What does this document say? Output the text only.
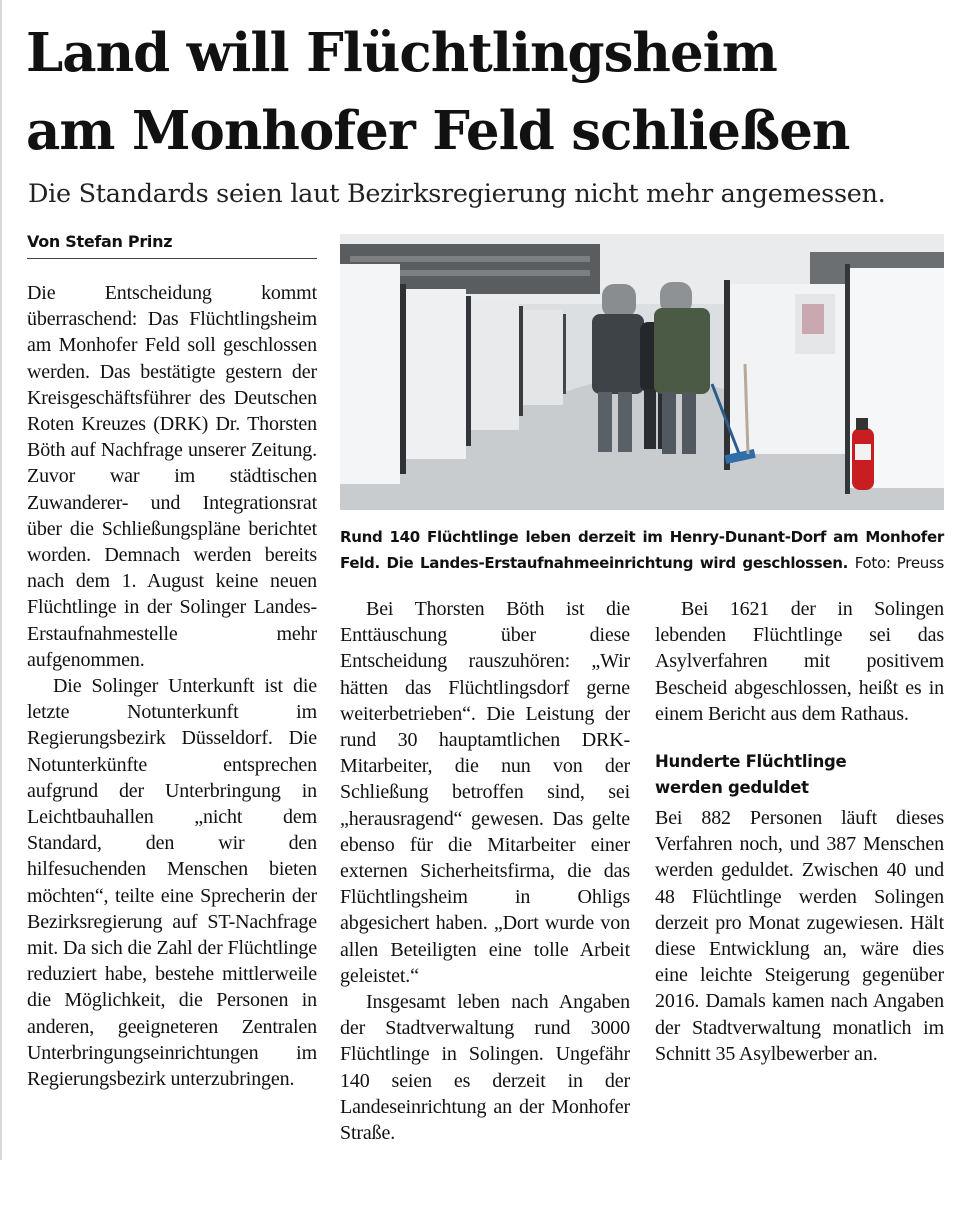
Land will Flüchtlingsheim
am Monhofer Feld schließen

Die Standards seien laut Bezirksregierung nicht mehr angemessen.

Von Stefan Prinz

Die Entscheidung kommt überraschend: Das Flüchtlingsheim am Monhofer Feld soll geschlossen werden. Das bestätigte gestern der Kreisgeschäftsführer des Deutschen Roten Kreuzes (DRK) Dr. Thorsten Böth auf Nachfrage unserer Zeitung. Zuvor war im städtischen Zuwanderer- und Integrationsrat über die Schließungspläne berichtet worden. Demnach werden bereits nach dem 1. August keine neuen Flüchtlinge in der Solinger Landes-Erstaufnahmestelle mehr aufgenommen.

Die Solinger Unterkunft ist die letzte Notunterkunft im Regierungsbezirk Düsseldorf. Die Notunterkünfte entsprechen aufgrund der Unterbringung in Leichtbauhallen „nicht dem Standard, den wir den hilfesuchenden Menschen bieten möchten“, teilte eine Sprecherin der Bezirksregierung auf ST-Nachfrage mit. Da sich die Zahl der Flüchtlinge reduziert habe, bestehe mittlerweile die Möglichkeit, die Personen in anderen, geeigneteren Zentralen Unterbringungseinrichtungen im Regierungsbezirk unterzubringen.

Rund 140 Flüchtlinge leben derzeit im Henry-Dunant-Dorf am Monhofer Feld. Die Landes-Erstaufnahmeeinrichtung wird geschlossen. Foto: Preuss

Bei Thorsten Böth ist die Enttäuschung über diese Entscheidung rauszuhören: „Wir hätten das Flüchtlingsdorf gerne weiterbetrieben“. Die Leistung der rund 30 hauptamtlichen DRK-Mitarbeiter, die nun von der Schließung betroffen sind, sei „herausragend“ gewesen. Das gelte ebenso für die Mitarbeiter einer externen Sicherheitsfirma, die das Flüchtlingsheim in Ohligs abgesichert haben. „Dort wurde von allen Beteiligten eine tolle Arbeit geleistet.“

Insgesamt leben nach Angaben der Stadtverwaltung rund 3000 Flüchtlinge in Solingen. Ungefähr 140 seien es derzeit in der Landeseinrichtung an der Monhofer Straße.

Bei 1621 der in Solingen lebenden Flüchtlinge sei das Asylverfahren mit positivem Bescheid abgeschlossen, heißt es in einem Bericht aus dem Rathaus.

Hunderte Flüchtlinge
werden geduldet

Bei 882 Personen läuft dieses Verfahren noch, und 387 Menschen werden geduldet. Zwischen 40 und 48 Flüchtlinge werden Solingen derzeit pro Monat zugewiesen. Hält diese Entwicklung an, wäre dies eine leichte Steigerung gegenüber 2016. Damals kamen nach Angaben der Stadtverwaltung monatlich im Schnitt 35 Asylbewerber an.
